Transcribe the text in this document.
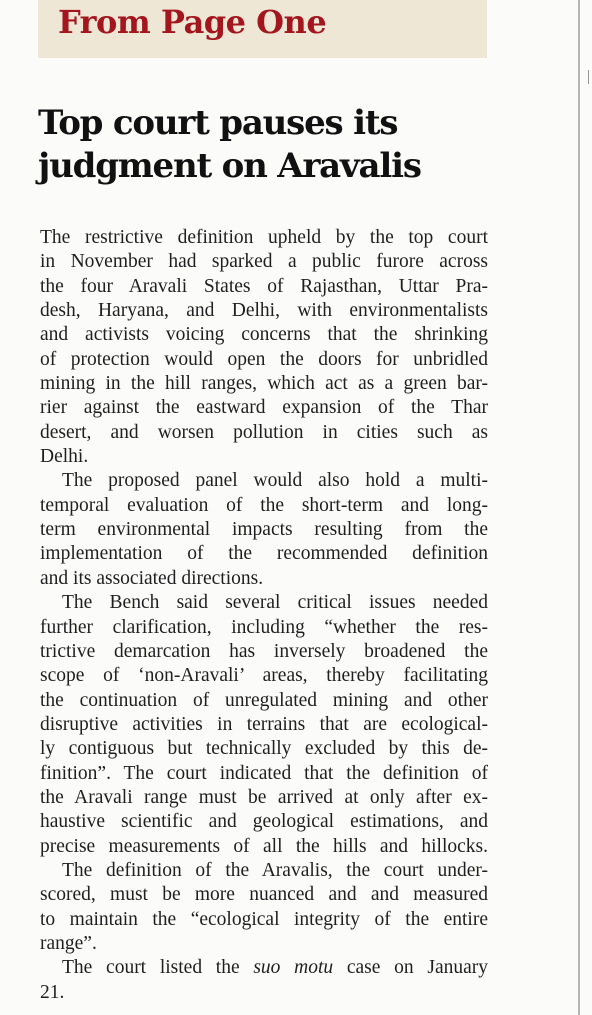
From Page One
Top court pauses its
judgment on Aravalis
The restrictive definition upheld by the top court
in November had sparked a public furore across
the four Aravali States of Rajasthan, Uttar Pra-
desh, Haryana, and Delhi, with environmentalists
and activists voicing concerns that the shrinking
of protection would open the doors for unbridled
mining in the hill ranges, which act as a green bar-
rier against the eastward expansion of the Thar
desert, and worsen pollution in cities such as
Delhi.
The proposed panel would also hold a multi-
temporal evaluation of the short-term and long-
term environmental impacts resulting from the
implementation of the recommended definition
and its associated directions.
The Bench said several critical issues needed
further clarification, including “whether the res-
trictive demarcation has inversely broadened the
scope of ‘non-Aravali’ areas, thereby facilitating
the continuation of unregulated mining and other
disruptive activities in terrains that are ecological-
ly contiguous but technically excluded by this de-
finition”. The court indicated that the definition of
the Aravali range must be arrived at only after ex-
haustive scientific and geological estimations, and
precise measurements of all the hills and hillocks.
The definition of the Aravalis, the court under-
scored, must be more nuanced and and measured
to maintain the “ecological integrity of the entire
range”.
The court listed the suo motu case on January
21.
